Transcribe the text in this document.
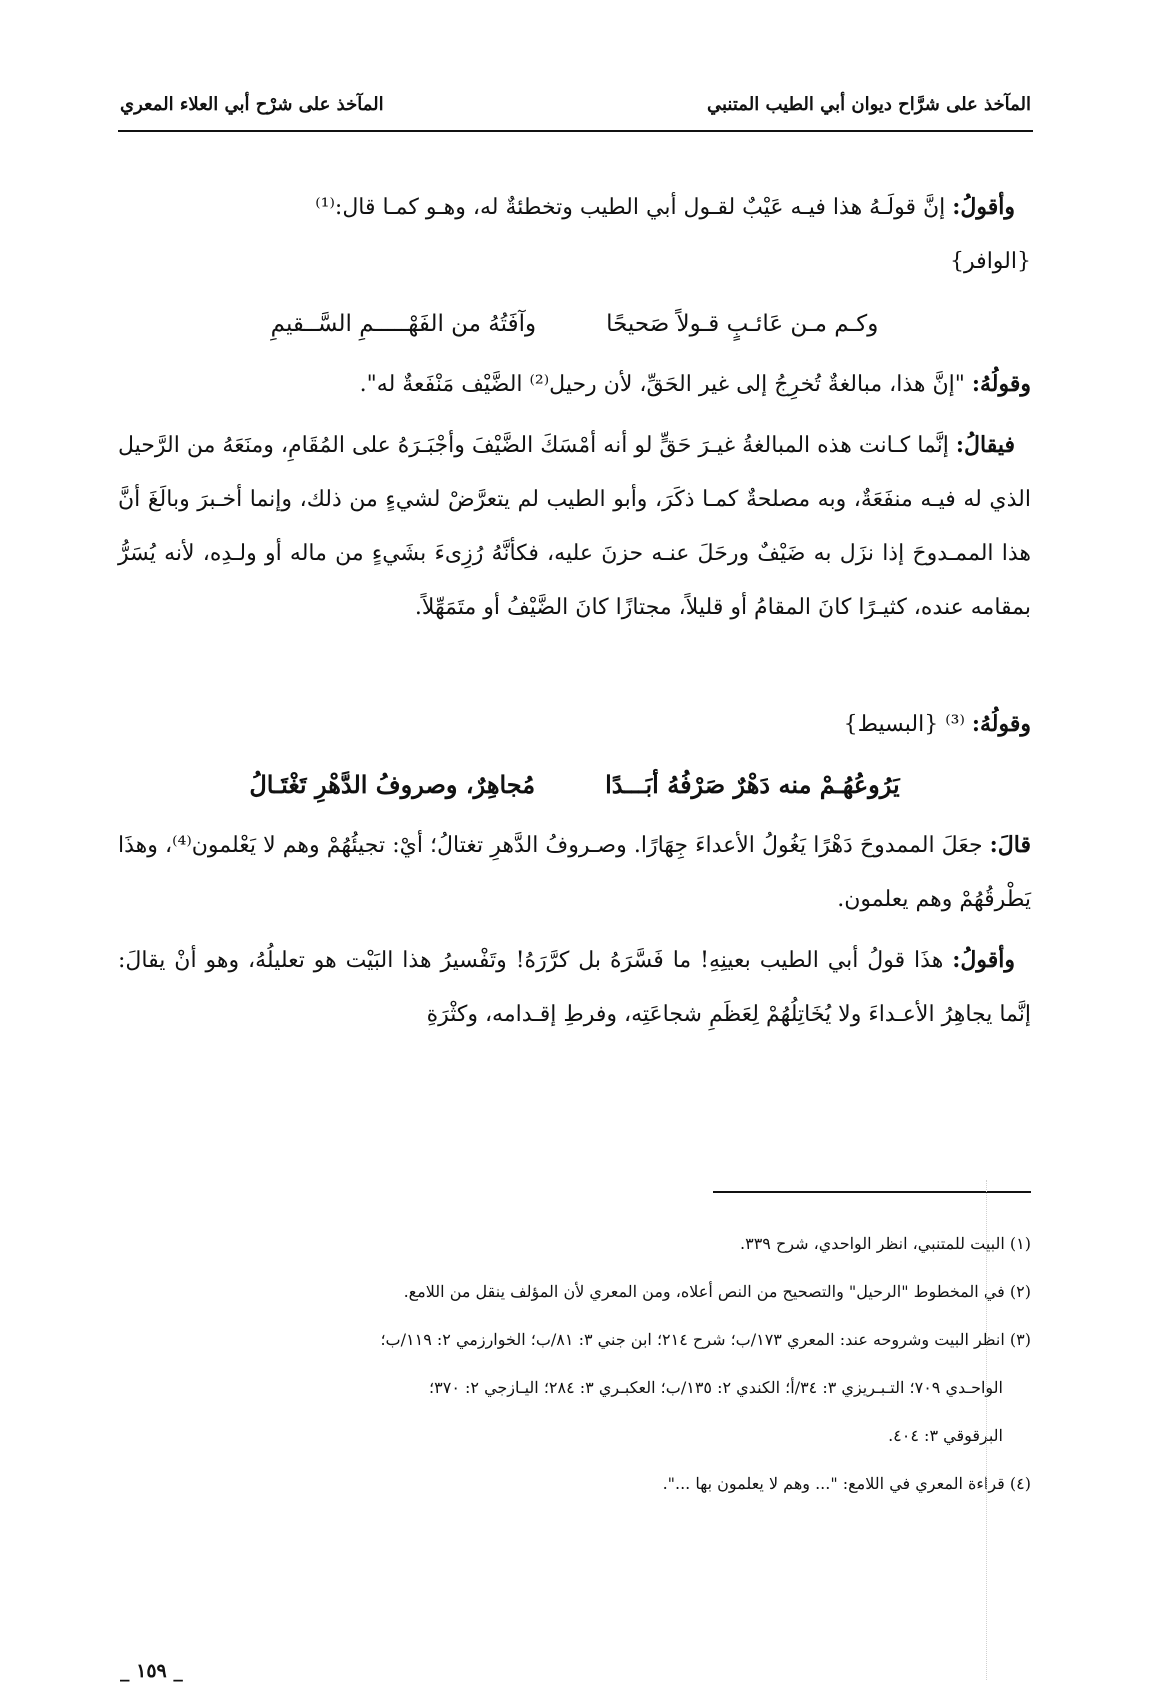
المآخذ على شرَّاح ديوان أبي الطيب المتنبي
المآخذ على شرْح أبي العلاء المعري

وأقولُ: إنَّ قولَـهُ هذا فيـه عَيْبٌ لقـول أبي الطيب وتخطئةٌ له، وهـو كمـا قال:⁽¹⁾

{الوافر}

وكـم مـن عَائـبٍ قـولاً صَحيحًا
وآفَتُهُ من الفَهْـــــمِ السَّــقيمِ

وقولُهُ: "إنَّ هذا، مبالغةٌ تُخرِجُ إلى غير الحَقِّ، لأن رحيل⁽²⁾ الضَّيْف مَنْفَعةٌ له".

فيقالُ: إنَّما كـانت هذه المبالغةُ غيـرَ حَقٍّ لو أنه أمْسَكَ الضَّيْفَ وأجْبَـرَهُ على المُقَامِ، ومنَعَهُ من الرَّحيل الذي له فيـه منفَعَةٌ، وبه مصلحةٌ كمـا ذكَرَ، وأبو الطيب لم يتعرَّضْ لشيءٍ من ذلك، وإنما أخـبرَ وبالَغَ أنَّ هذا الممـدوحَ إذا نزَل به ضَيْفٌ ورحَلَ عنـه حزنَ عليه، فكأنَّهُ رُزِىءَ بشَيءٍ من ماله أو ولـدِه، لأنه يُسَرُّ بمقامه عنده، كثيـرًا كانَ المقامُ أو قليلاً، مجتازًا كانَ الضَّيْفُ أو متَمَهِّلاً.

وقولُهُ: ⁽³⁾ {البسيط}

يَرُوعُهُـمْ منه دَهْرٌ صَرْفُهُ أبَـــدًا
مُجاهِرٌ، وصروفُ الدَّهْرِ تَغْتَـالُ

قالَ: جعَلَ الممدوحَ دَهْرًا يَغُولُ الأعداءَ جِهَارًا. وصـروفُ الدَّهرِ تغتالُ؛ أيْ: تجيئُهُمْ وهم لا يَعْلمون⁽⁴⁾، وهذَا يَطْرقُهُمْ وهم يعلمون.

وأقولُ: هذَا قولُ أبي الطيب بعينِهِ! ما فَسَّرَهُ بل كرَّرَهُ! وتَفْسيرُ هذا البَيْت هو تعليلُهُ، وهو أنْ يقالَ: إنَّما يجاهِرُ الأعـداءَ ولا يُخَاتِلُهُمْ لِعَظَمِ شجاعَتِه، وفرطِ إقـدامه، وكثْرَةِ

(١) البيت للمتنبي، انظر الواحدي، شرح ٣٣٩.

(٢) في المخطوط "الرحيل" والتصحيح من النص أعلاه، ومن المعري لأن المؤلف ينقل من اللامع.

(٣) انظر البيت وشروحه عند: المعري ١٧٣/ب؛ شرح ٢١٤؛ ابن جني ٣: ٨١/ب؛ الخوارزمي ٢: ١١٩/ب؛

الواحـدي ٧٠٩؛ التـبـريزي ٣: ٣٤/أ؛ الكندي ٢: ١٣٥/ب؛ العكبـري ٣: ٢٨٤؛ اليـازجي ٢: ٣٧٠؛

البرقوقي ٣: ٤٠٤.

(٤) قراءة المعري في اللامع: "... وهم لا يعلمون بها ...".

_ ١٥٩ _
